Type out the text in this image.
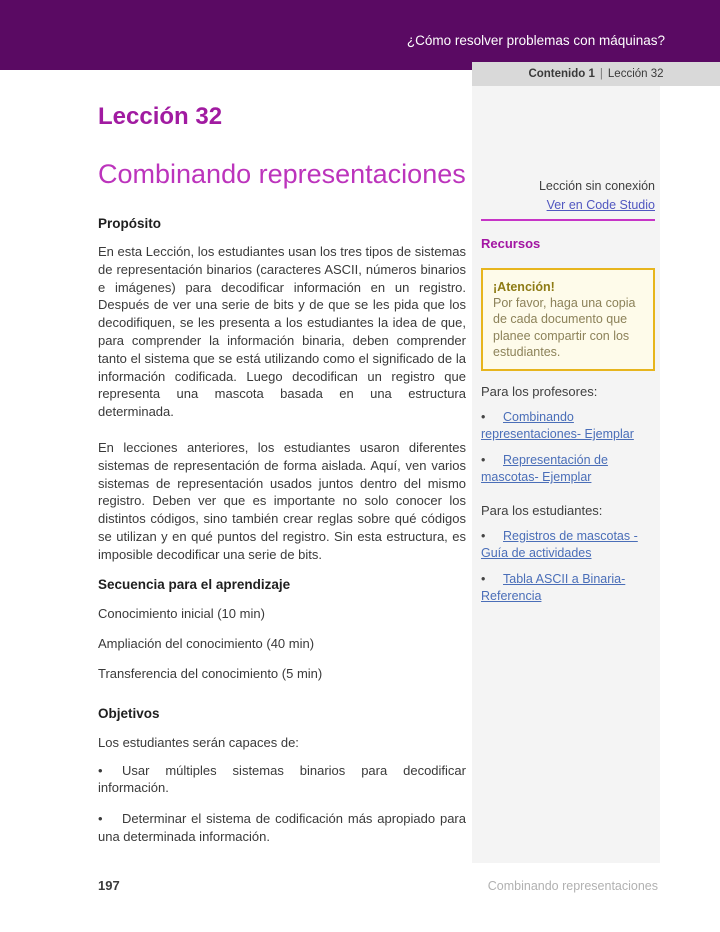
¿Cómo resolver problemas con máquinas?
Contenido 1 | Lección 32
Lección sin conexión
Ver en Code Studio
Recursos
¡Atención!
Por favor, haga una copia de cada documento que planee compartir con los estudiantes.
Para los profesores:
• Combinando representaciones- Ejemplar
• Representación de mascotas- Ejemplar
Para los estudiantes:
• Registros de mascotas - Guía de actividades
• Tabla ASCII a Binaria- Referencia
Lección 32
Combinando representaciones
Propósito
En esta Lección, los estudiantes usan los tres tipos de sistemas de representación binarios (caracteres ASCII, números binarios e imágenes) para decodificar información en un registro. Después de ver una serie de bits y de que se les pida que los decodifiquen, se les presenta a los estudiantes la idea de que, para comprender la información binaria, deben comprender tanto el sistema que se está utilizando como el significado de la información codificada. Luego decodifican un registro que representa una mascota basada en una estructura determinada.
En lecciones anteriores, los estudiantes usaron diferentes sistemas de representación de forma aislada. Aquí, ven varios sistemas de representación usados juntos dentro del mismo registro. Deben ver que es importante no solo conocer los distintos códigos, sino también crear reglas sobre qué códigos se utilizan y en qué puntos del registro. Sin esta estructura, es imposible decodificar una serie de bits.
Secuencia para el aprendizaje
Conocimiento inicial (10 min)
Ampliación del conocimiento (40 min)
Transferencia del conocimiento (5 min)
Objetivos
Los estudiantes serán capaces de:
• Usar múltiples sistemas binarios para decodificar información.
• Determinar el sistema de codificación más apropiado para una determinada información.
197	Combinando representaciones
